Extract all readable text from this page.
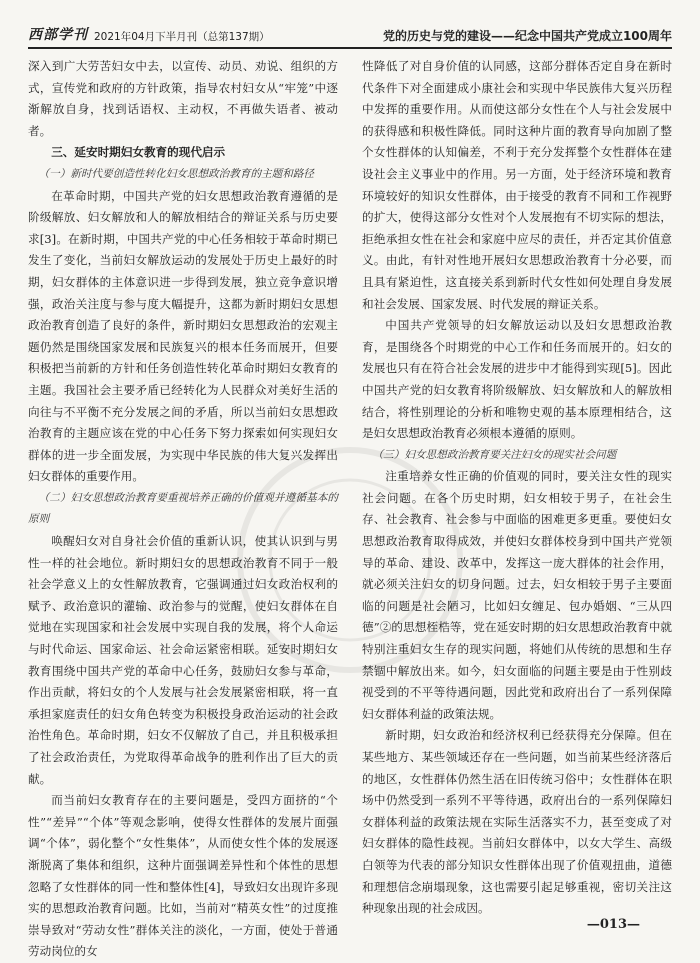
西部学刊 2021年04月下半月刊（总第137期）	党的历史与党的建设——纪念中国共产党成立100周年

深入到广大劳苦妇女中去，以宣传、动员、劝说、组织的方式，宣传党和政府的方针政策，指导农村妇女从“牢笼”中逐渐解放自身，找到话语权、主动权，不再做失语者、被动者。

三、延安时期妇女教育的现代启示
（一）新时代要创造性转化妇女思想政治教育的主题和路径

在革命时期，中国共产党的妇女思想政治教育遵循的是阶级解放、妇女解放和人的解放相结合的辩证关系与历史要求[3]。在新时期，中国共产党的中心任务相较于革命时期已发生了变化，当前妇女解放运动的发展处于历史上最好的时期，妇女群体的主体意识进一步得到发展，独立竞争意识增强，政治关注度与参与度大幅提升，这都为新时期妇女思想政治教育创造了良好的条件，新时期妇女思想政治的宏观主题仍然是围绕国家发展和民族复兴的根本任务而展开，但要积极把当前新的方针和任务创造性转化革命时期妇女教育的主题。我国社会主要矛盾已经转化为人民群众对美好生活的向往与不平衡不充分发展之间的矛盾，所以当前妇女思想政治教育的主题应该在党的中心任务下努力探索如何实现妇女群体的进一步全面发展，为实现中华民族的伟大复兴发挥出妇女群体的重要作用。

（二）妇女思想政治教育要重视培养正确的价值观并遵循基本的原则

唤醒妇女对自身社会价值的重新认识，使其认识到与男性一样的社会地位。新时期妇女的思想政治教育不同于一般社会学意义上的女性解放教育，它强调通过妇女政治权利的赋予、政治意识的灌输、政治参与的觉醒，使妇女群体在自觉地在实现国家和社会发展中实现自我的发展，将个人命运与时代命运、国家命运、社会命运紧密相联。延安时期妇女教育围绕中国共产党的革命中心任务，鼓励妇女参与革命，作出贡献，将妇女的个人发展与社会发展紧密相联，将一直承担家庭责任的妇女角色转变为积极投身政治运动的社会政治性角色。革命时期，妇女不仅解放了自己，并且积极承担了社会政治责任，为党取得革命战争的胜利作出了巨大的贡献。

而当前妇女教育存在的主要问题是，受四方面挤的“个性”“差异”“个体”等观念影响，使得女性群体的发展片面强调“个体”，弱化整个“女性集体”，从而使女性个体的发展逐渐脱离了集体和组织，这种片面强调差异性和个体性的思想忽略了女性群体的同一性和整体性[4]，导致妇女出现许多现实的思想政治教育问题。比如，当前对“精英女性”的过度推崇导致对“劳动女性”群体关注的淡化，一方面，使处于普通劳动岗位的女

性降低了对自身价值的认同感，这部分群体否定自身在新时代条件下对全面建成小康社会和实现中华民族伟大复兴历程中发挥的重要作用。从而使这部分女性在个人与社会发展中的获得感和积极性降低。同时这种片面的教育导向加剧了整个女性群体的认知偏差，不利于充分发挥整个女性群体在建设社会主义事业中的作用。另一方面，处于经济环境和教育环境较好的知识女性群体，由于接受的教育不同和工作视野的扩大，使得这部分女性对个人发展抱有不切实际的想法，拒绝承担女性在社会和家庭中应尽的责任，并否定其价值意义。由此，有针对性地开展妇女思想政治教育十分必要，而且具有紧迫性，这直接关系到新时代女性如何处理自身发展和社会发展、国家发展、时代发展的辩证关系。

中国共产党领导的妇女解放运动以及妇女思想政治教育，是围绕各个时期党的中心工作和任务而展开的。妇女的发展也只有在符合社会发展的进步中才能得到实现[5]。因此中国共产党的妇女教育将阶级解放、妇女解放和人的解放相结合，将性别理论的分析和唯物史观的基本原理相结合，这是妇女思想政治教育必须根本遵循的原则。

（三）妇女思想政治教育要关注妇女的现实社会问题

注重培养女性正确的价值观的同时，要关注女性的现实社会问题。在各个历史时期，妇女相较于男子，在社会生存、社会教育、社会参与中面临的困难更多更重。要使妇女思想政治教育取得成效，并使妇女群体校身到中国共产党领导的革命、建设、改革中，发挥这一庞大群体的社会作用，就必须关注妇女的切身问题。过去，妇女相较于男子主要面临的问题是社会陋习，比如妇女缠足、包办婚姻、“三从四德”②的思想桎梏等，党在延安时期的妇女思想政治教育中就特别注重妇女生存的现实问题，将她们从传统的思想和生存禁锢中解放出来。如今，妇女面临的问题主要是由于性别歧视受到的不平等待遇问题，因此党和政府出台了一系列保障妇女群体利益的政策法规。

新时期，妇女政治和经济权利已经获得充分保障。但在某些地方、某些领域还存在一些问题，如当前某些经济落后的地区，女性群体仍然生活在旧传统习俗中；女性群体在职场中仍然受到一系列不平等待遇，政府出台的一系列保障妇女群体利益的政策法规在实际生活落实不力，甚至变成了对妇女群体的隐性歧视。当前妇女群体中，以女大学生、高级白领等为代表的部分知识女性群体出现了价值观扭曲，道德和理想信念崩塌现象，这也需要引起足够重视，密切关注这种现象出现的社会成因。

—013—
